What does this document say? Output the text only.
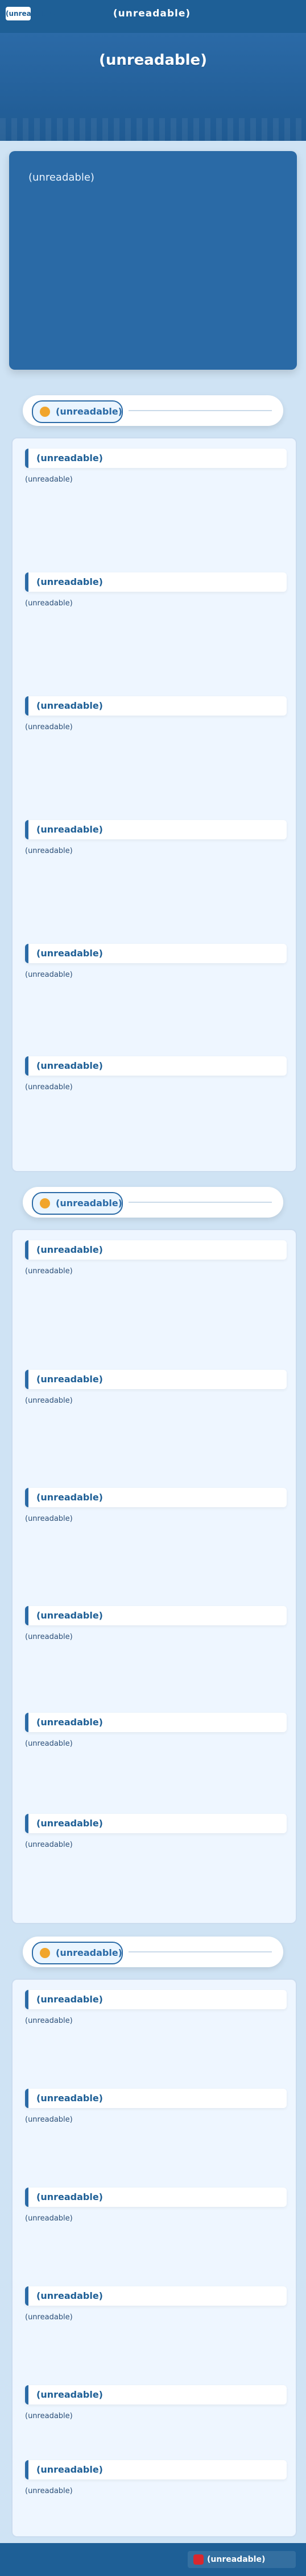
(unreadable)	(unreadable)
(unreadable)
(unreadable)
(unreadable)
(unreadable)
(unreadable)
(unreadable)
(unreadable)
(unreadable)
(unreadable)
(unreadable)
(unreadable)
(unreadable)
(unreadable)
(unreadable)
(unreadable)
(unreadable)
(unreadable)
(unreadable)
(unreadable)
(unreadable)
(unreadable)
(unreadable)
(unreadable)
(unreadable)
(unreadable)
(unreadable)
(unreadable)
(unreadable)
(unreadable)
(unreadable)
(unreadable)
(unreadable)
(unreadable)
(unreadable)
(unreadable)
(unreadable)
(unreadable)
(unreadable)
(unreadable)
(unreadable)
(unreadable)
(unreadable)
